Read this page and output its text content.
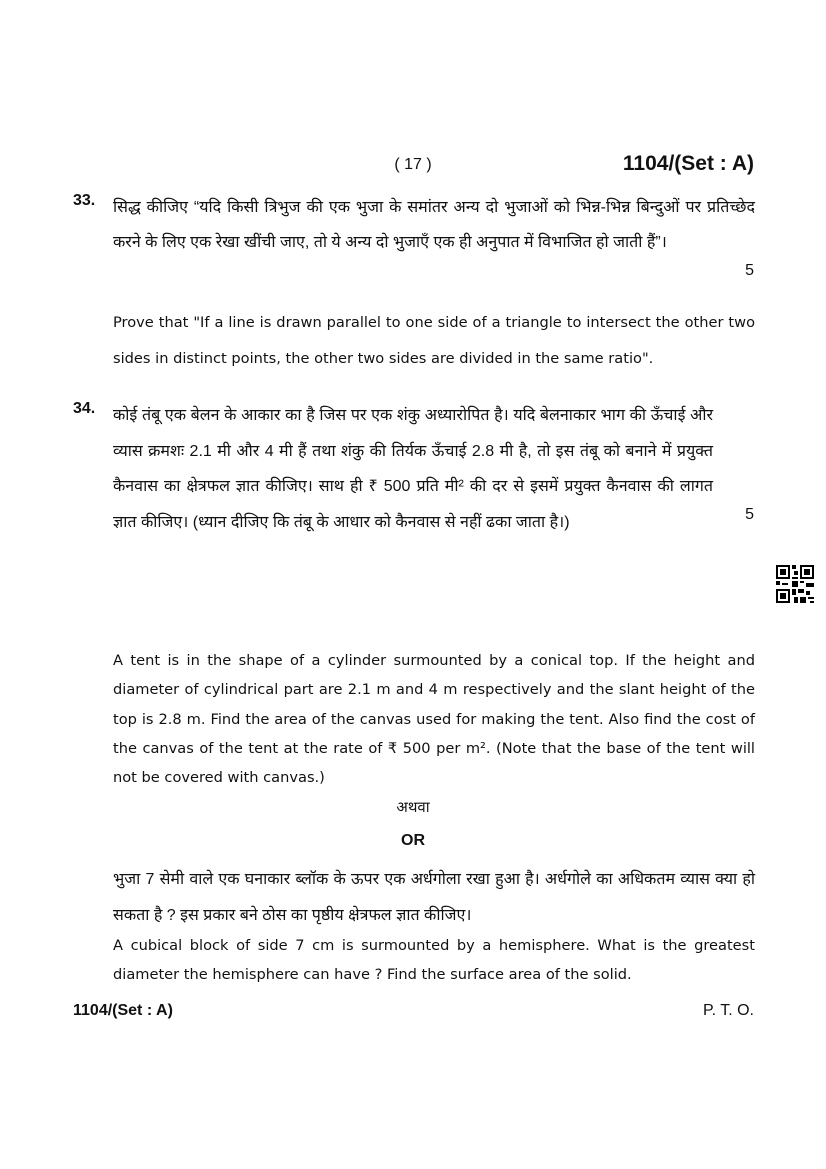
( 17 )	1104/(Set : A)
33. सिद्ध कीजिए “यदि किसी त्रिभुज की एक भुजा के समांतर अन्य दो भुजाओं को भिन्न-भिन्न बिन्दुओं पर प्रतिच्छेद करने के लिए एक रेखा खींची जाए, तो ये अन्य दो भुजाएँ एक ही अनुपात में विभाजित हो जाती हैं”।
5
Prove that "If a line is drawn parallel to one side of a triangle to intersect the other two sides in distinct points, the other two sides are divided in the same ratio".
34. कोई तंबू एक बेलन के आकार का है जिस पर एक शंकु अध्यारोपित है। यदि बेलनाकार भाग की ऊँचाई और व्यास क्रमशः 2.1 मी और 4 मी हैं तथा शंकु की तिर्यक ऊँचाई 2.8 मी है, तो इस तंबू को बनाने में प्रयुक्त कैनवास का क्षेत्रफल ज्ञात कीजिए। साथ ही ₹ 500 प्रति मी² की दर से इसमें प्रयुक्त कैनवास की लागत ज्ञात कीजिए। (ध्यान दीजिए कि तंबू के आधार को कैनवास से नहीं ढका जाता है।)	5
A tent is in the shape of a cylinder surmounted by a conical top. If the height and diameter of cylindrical part are 2.1 m and 4 m respectively and the slant height of the top is 2.8 m. Find the area of the canvas used for making the tent. Also find the cost of the canvas of the tent at the rate of ₹ 500 per m². (Note that the base of the tent will not be covered with canvas.)
अथवा
OR
भुजा 7 सेमी वाले एक घनाकार ब्लॉक के ऊपर एक अर्धगोला रखा हुआ है। अर्धगोले का अधिकतम व्यास क्या हो सकता है ? इस प्रकार बने ठोस का पृष्ठीय क्षेत्रफल ज्ञात कीजिए।
A cubical block of side 7 cm is surmounted by a hemisphere. What is the greatest diameter the hemisphere can have ? Find the surface area of the solid.
1104/(Set : A)	P. T. O.
